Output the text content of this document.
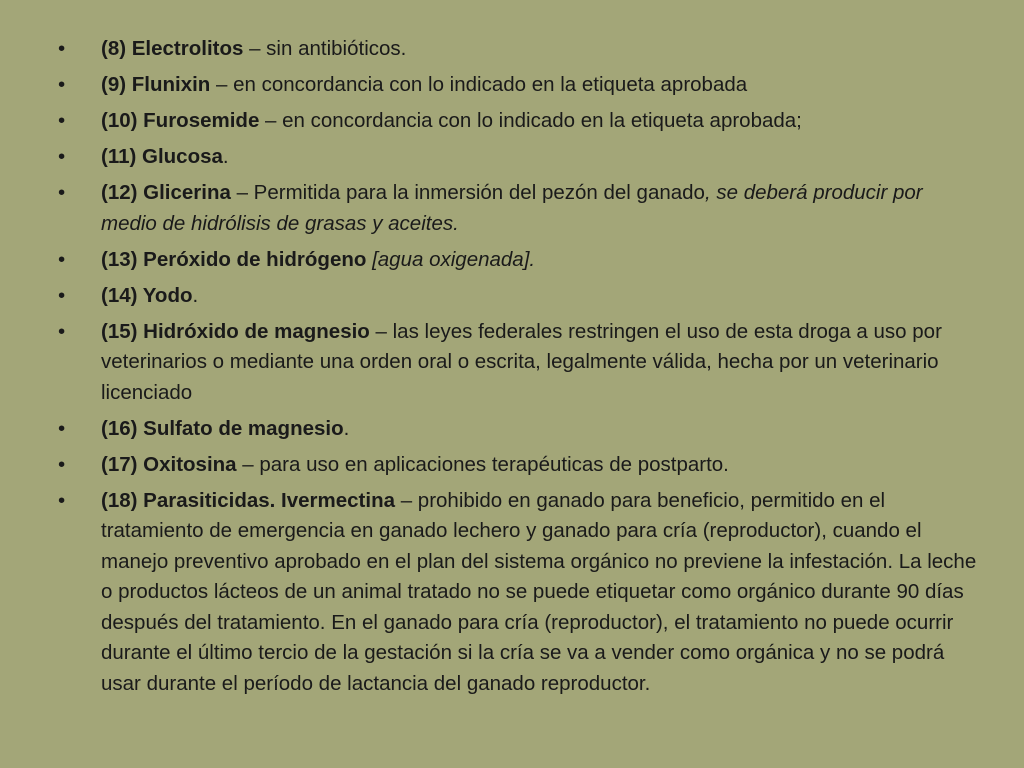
• (8) Electrolitos – sin antibióticos.
• (9) Flunixin – en concordancia con lo indicado en la etiqueta aprobada
• (10) Furosemide – en concordancia con lo indicado en la etiqueta aprobada;
• (11) Glucosa.
• (12) Glicerina – Permitida para la inmersión del pezón del ganado, se deberá producir por medio de hidrólisis de grasas y aceites.
• (13) Peróxido de hidrógeno [agua oxigenada].
• (14) Yodo.
• (15) Hidróxido de magnesio – las leyes federales restringen el uso de esta droga a uso por veterinarios o mediante una orden oral o escrita, legalmente válida, hecha por un veterinario licenciado
• (16) Sulfato de magnesio.
• (17) Oxitosina – para uso en aplicaciones terapéuticas de postparto.
• (18) Parasiticidas. Ivermectina – prohibido en ganado para beneficio, permitido en el tratamiento de emergencia en ganado lechero y ganado para cría (reproductor), cuando el manejo preventivo aprobado en el plan del sistema orgánico no previene la infestación. La leche o productos lácteos de un animal tratado no se puede etiquetar como orgánico durante 90 días después del tratamiento. En el ganado para cría (reproductor), el tratamiento no puede ocurrir durante el último tercio de la gestación si la cría se va a vender como orgánica y no se podrá usar durante el período de lactancia del ganado reproductor.
